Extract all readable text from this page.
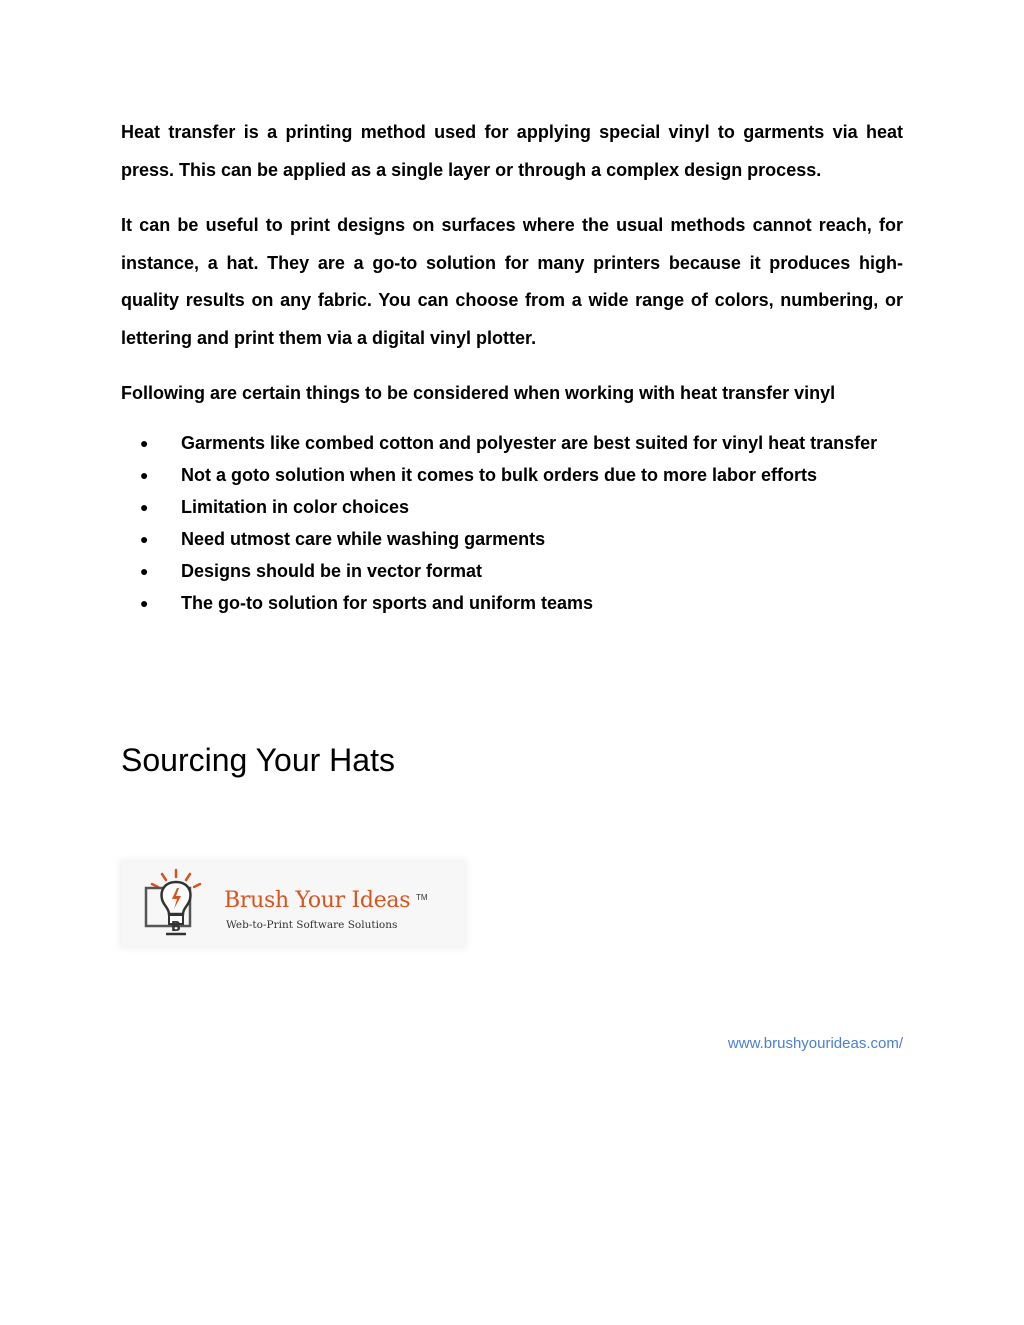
Heat transfer is a printing method used for applying special vinyl to garments via heat press. This can be applied as a single layer or through a complex design process.

It can be useful to print designs on surfaces where the usual methods cannot reach, for instance, a hat. They are a go-to solution for many printers because it produces high-quality results on any fabric. You can choose from a wide range of colors, numbering, or lettering and print them via a digital vinyl plotter.

Following are certain things to be considered when working with heat transfer vinyl

● Garments like combed cotton and polyester are best suited for vinyl heat transfer
● Not a goto solution when it comes to bulk orders due to more labor efforts
● Limitation in color choices
● Need utmost care while washing garments
● Designs should be in vector format
● The go-to solution for sports and uniform teams
Sourcing Your Hats
B
Brush Your Ideas TM
Web-to-Print Software Solutions
www.brushyourideas.com/
